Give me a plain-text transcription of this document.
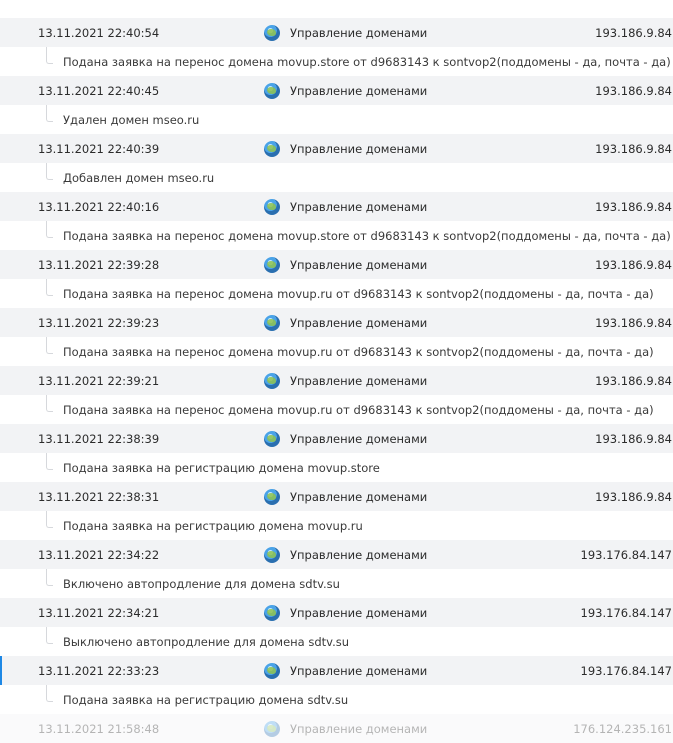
13.11.2021 22:40:54	Управление доменами	193.186.9.84
Подана заявка на перенос домена movup.store от d9683143 к sontvop2(поддомены - да, почта - да)
13.11.2021 22:40:45	Управление доменами	193.186.9.84
Удален домен mseo.ru
13.11.2021 22:40:39	Управление доменами	193.186.9.84
Добавлен домен mseo.ru
13.11.2021 22:40:16	Управление доменами	193.186.9.84
Подана заявка на перенос домена movup.store от d9683143 к sontvop2(поддомены - да, почта - да)
13.11.2021 22:39:28	Управление доменами	193.186.9.84
Подана заявка на перенос домена movup.ru от d9683143 к sontvop2(поддомены - да, почта - да)
13.11.2021 22:39:23	Управление доменами	193.186.9.84
Подана заявка на перенос домена movup.ru от d9683143 к sontvop2(поддомены - да, почта - да)
13.11.2021 22:39:21	Управление доменами	193.186.9.84
Подана заявка на перенос домена movup.ru от d9683143 к sontvop2(поддомены - да, почта - да)
13.11.2021 22:38:39	Управление доменами	193.186.9.84
Подана заявка на регистрацию домена movup.store
13.11.2021 22:38:31	Управление доменами	193.186.9.84
Подана заявка на регистрацию домена movup.ru
13.11.2021 22:34:22	Управление доменами	193.176.84.147
Включено автопродление для домена sdtv.su
13.11.2021 22:34:21	Управление доменами	193.176.84.147
Выключено автопродление для домена sdtv.su
13.11.2021 22:33:23	Управление доменами	193.176.84.147
Подана заявка на регистрацию домена sdtv.su
13.11.2021 21:58:48	Управление доменами	176.124.235.161
